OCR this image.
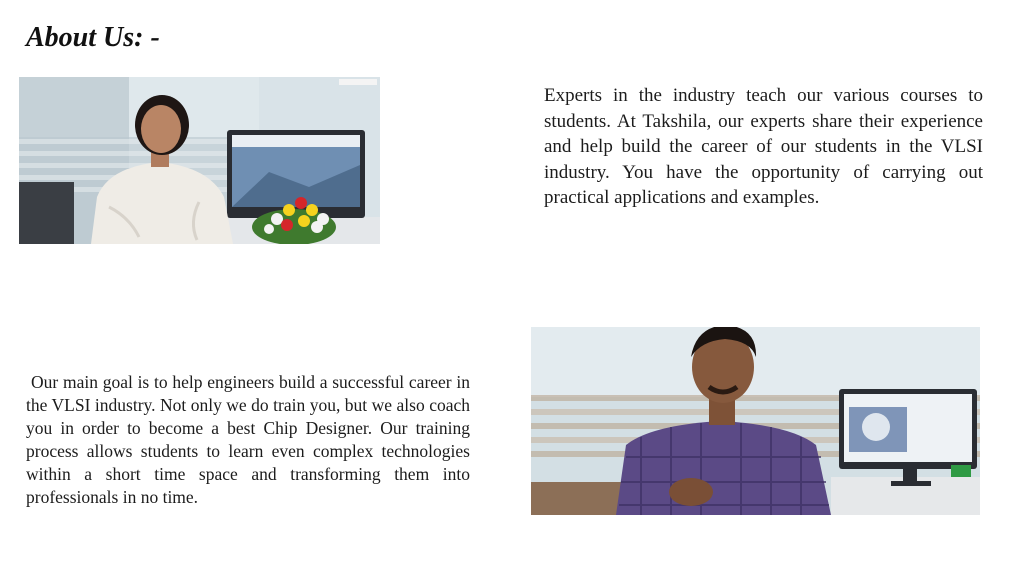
About Us: -

Experts in the industry teach our various courses to students. At Takshila, our experts share their experience and help build the career of our students in the VLSI industry. You have the opportunity of carrying out practical applications and examples.

Our main goal is to help engineers build a successful career in the VLSI industry. Not only we do train you, but we also coach you in order to become a best Chip Designer. Our training process allows students to learn even complex technologies within a short time space and transforming them into professionals in no time.
